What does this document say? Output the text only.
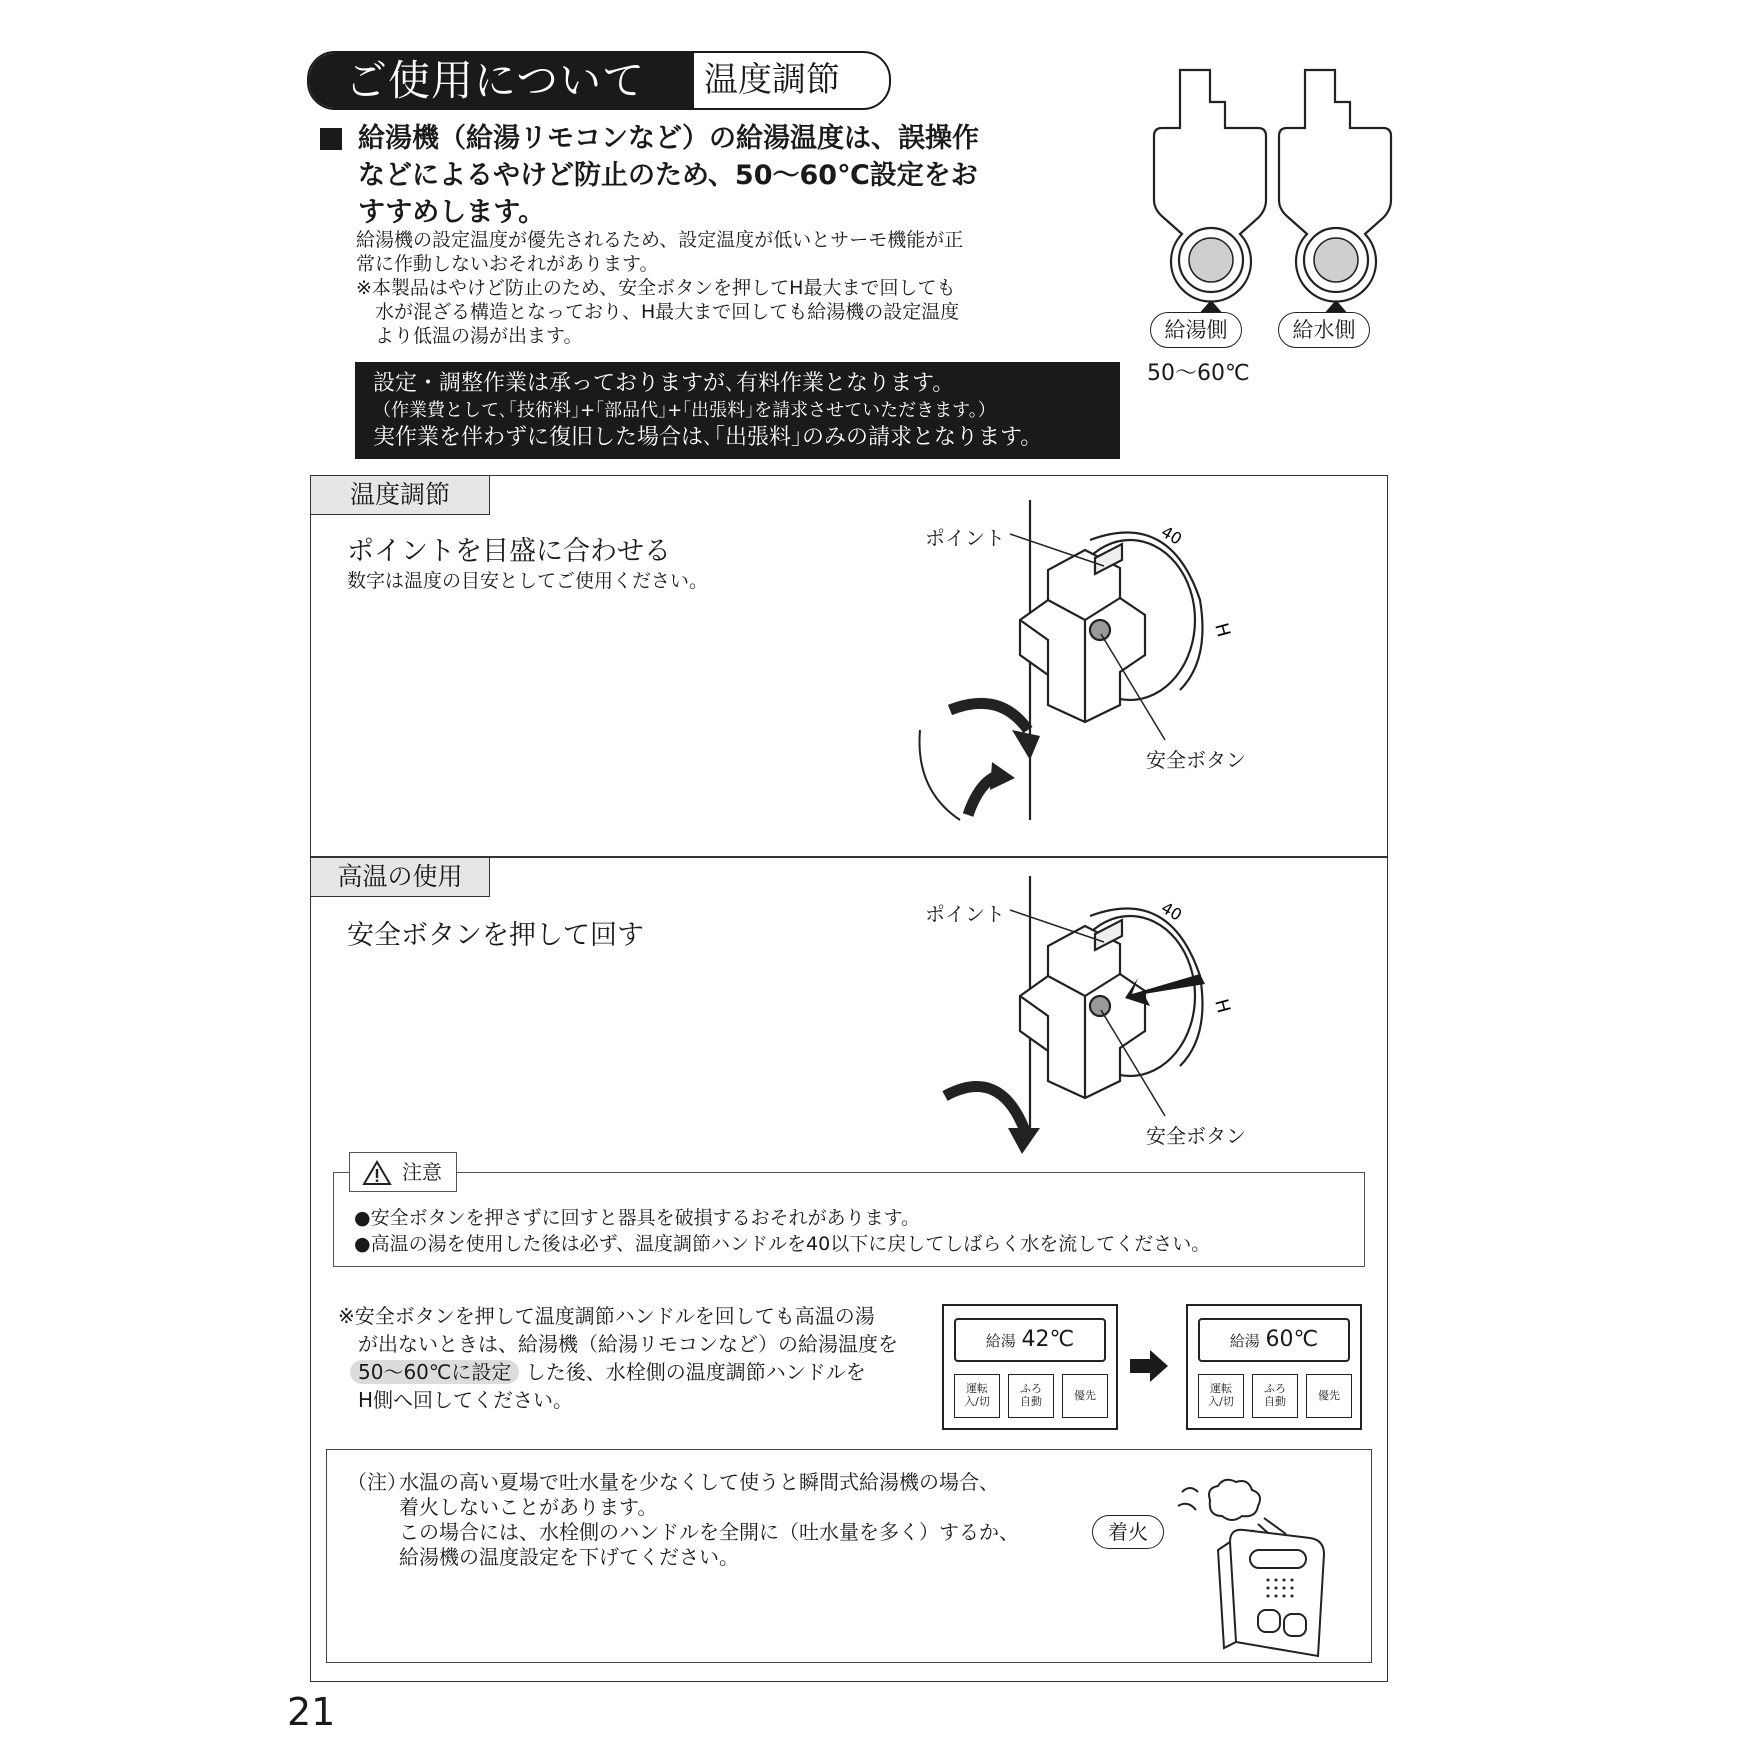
ご使用について	温度調節
給湯機（給湯リモコンなど）の給湯温度は、誤操作
などによるやけど防止のため、50～60℃設定をお
すすめします。
給湯機の設定温度が優先されるため、設定温度が低いとサーモ機能が正
常に作動しないおそれがあります。
※本製品はやけど防止のため、安全ボタンを押してH最大まで回しても
水が混ざる構造となっており、H最大まで回しても給湯機の設定温度
より低温の湯が出ます。
設定・調整作業は承っておりますが､有料作業となります。
（作業費として､｢技術料｣+｢部品代｣+｢出張料｣を請求させていただきます。）
実作業を伴わずに復旧した場合は､｢出張料｣のみの請求となります。
給湯側	給水側
50～60℃
温度調節
ポイントを目盛に合わせる
数字は温度の目安としてご使用ください。
高温の使用
安全ボタンを押して回す
40
H
ポイント
安全ボタン
40
H
ポイント
安全ボタン
●安全ボタンを押さずに回すと器具を破損するおそれがあります。
●高温の湯を使用した後は必ず、温度調節ハンドルを40以下に戻してしばらく水を流してください。
注意
※安全ボタンを押して温度調節ハンドルを回しても高温の湯
が出ないときは、給湯機（給湯リモコンなど）の給湯温度を
50～60℃に設定 した後、水栓側の温度調節ハンドルを
H側へ回してください。
給湯 42℃
運転
入/切
ふろ
自動	優先
給湯 60℃
運転
入/切
ふろ
自動	優先
（注）
水温の高い夏場で吐水量を少なくして使うと瞬間式給湯機の場合、
着火しないことがあります。
この場合には、水栓側のハンドルを全開に（吐水量を多く）するか、
給湯機の温度設定を下げてください。
着火
21
